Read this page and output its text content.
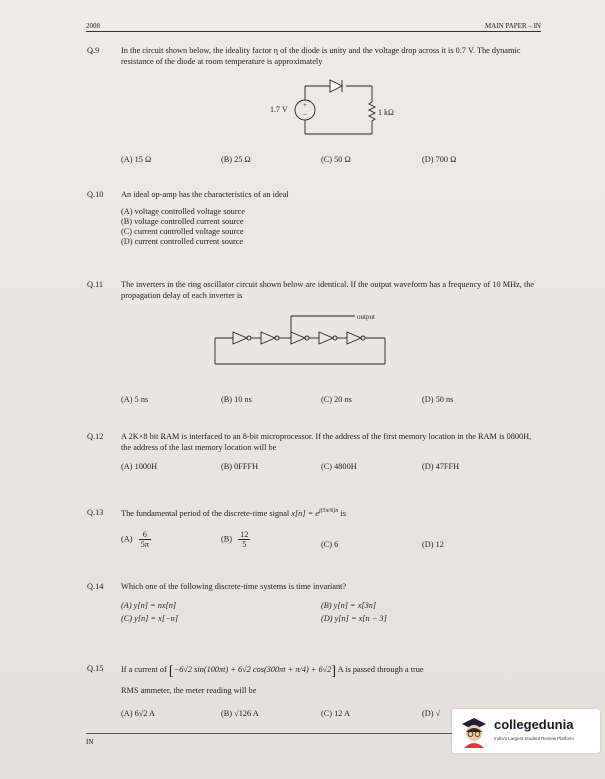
2008	MAIN PAPER – IN
Q.9	In the circuit shown below, the ideality factor η of the diode is unity and the voltage drop across it is 0.7 V. The dynamic resistance of the diode at room temperature is approximately
+
−
1.7 V	1 kΩ
(A) 15 Ω	(B) 25 Ω	(C) 50 Ω	(D) 700 Ω
Q.10 An ideal op-amp has the characteristics of an ideal
(A) voltage controlled voltage source
(B) voltage controlled current source
(C) current controlled voltage source
(D) current controlled current source
Q.11 The inverters in the ring oscillator circuit shown below are identical. If the output waveform has a frequency of 10 MHz, the propagation delay of each inverter is
output
(A) 5 ns	(B) 10 ns	(C) 20 ns	(D) 50 ns
Q.12 A 2K×8 bit RAM is interfaced to an 8-bit microprocessor. If the address of the first memory location in the RAM is 0800H, the address of the last memory location will be
(A) 1000H	(B) 0FFFH	(C) 4800H	(D) 47FFH
Q.13 The fundamental period of the discrete-time signal $x[n] = e^{j(5\pi/6)n}$ is
$(A) \frac{6}{5\pi}$	$(B) \frac{12}{5}$	(C) 6	(D) 12
Q.14 Which one of the following discrete-time systems is time invariant?
(A) y[n] = nx[n]	(B) y[n] = x[3n]
(C) y[n] = x[−n]	(D) y[n] = x[n − 3]
Q.15 If a current of [−6√2 sin(100πt) + 6√2 cos(300πt + π/4) + 6√2] A is passed through a true
RMS ammeter, the meter reading will be
(A) 6√2 A	(B) √126 A	(C) 12 A	(D) √
IN
collegedunia
India's Largest Student Review Platform
